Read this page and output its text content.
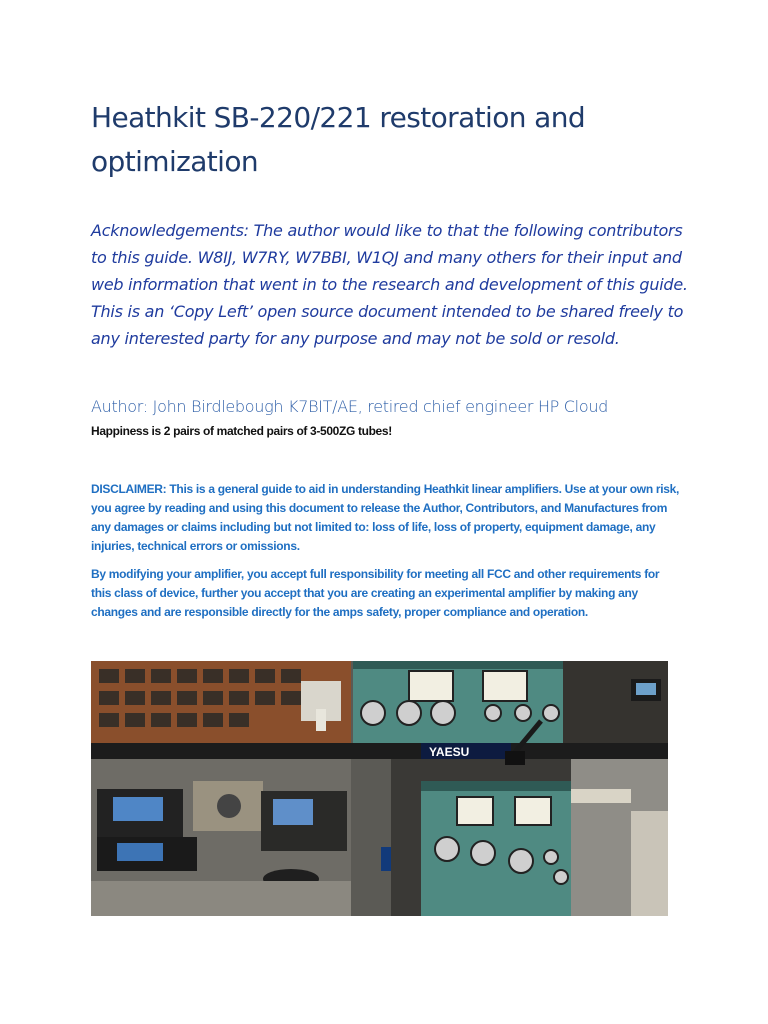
Heathkit SB-220/221 restoration and optimization

Acknowledgements: The author would like to that the following contributors to this guide. W8IJ, W7RY, W7BBI, W1QJ and many others for their input and web information that went in to the research and development of this guide. This is an ‘Copy Left’ open source document intended to be shared freely to any interested party for any purpose and may not be sold or resold.

Author: John Birdlebough K7BIT/AE, retired chief engineer HP Cloud

Happiness is 2 pairs of matched pairs of 3-500ZG tubes!

DISCLAIMER: This is a general guide to aid in understanding Heathkit linear amplifiers. Use at your own risk, you agree by reading and using this document to release the Author, Contributors, and Manufactures from any damages or claims including but not limited to: loss of life, loss of property, equipment damage, any injuries, technical errors or omissions.

By modifying your amplifier, you accept full responsibility for meeting all FCC and other requirements for this class of device, further you accept that you are creating an experimental amplifier by making any changes and are responsible directly for the amps safety, proper compliance and operation.

YAESU
